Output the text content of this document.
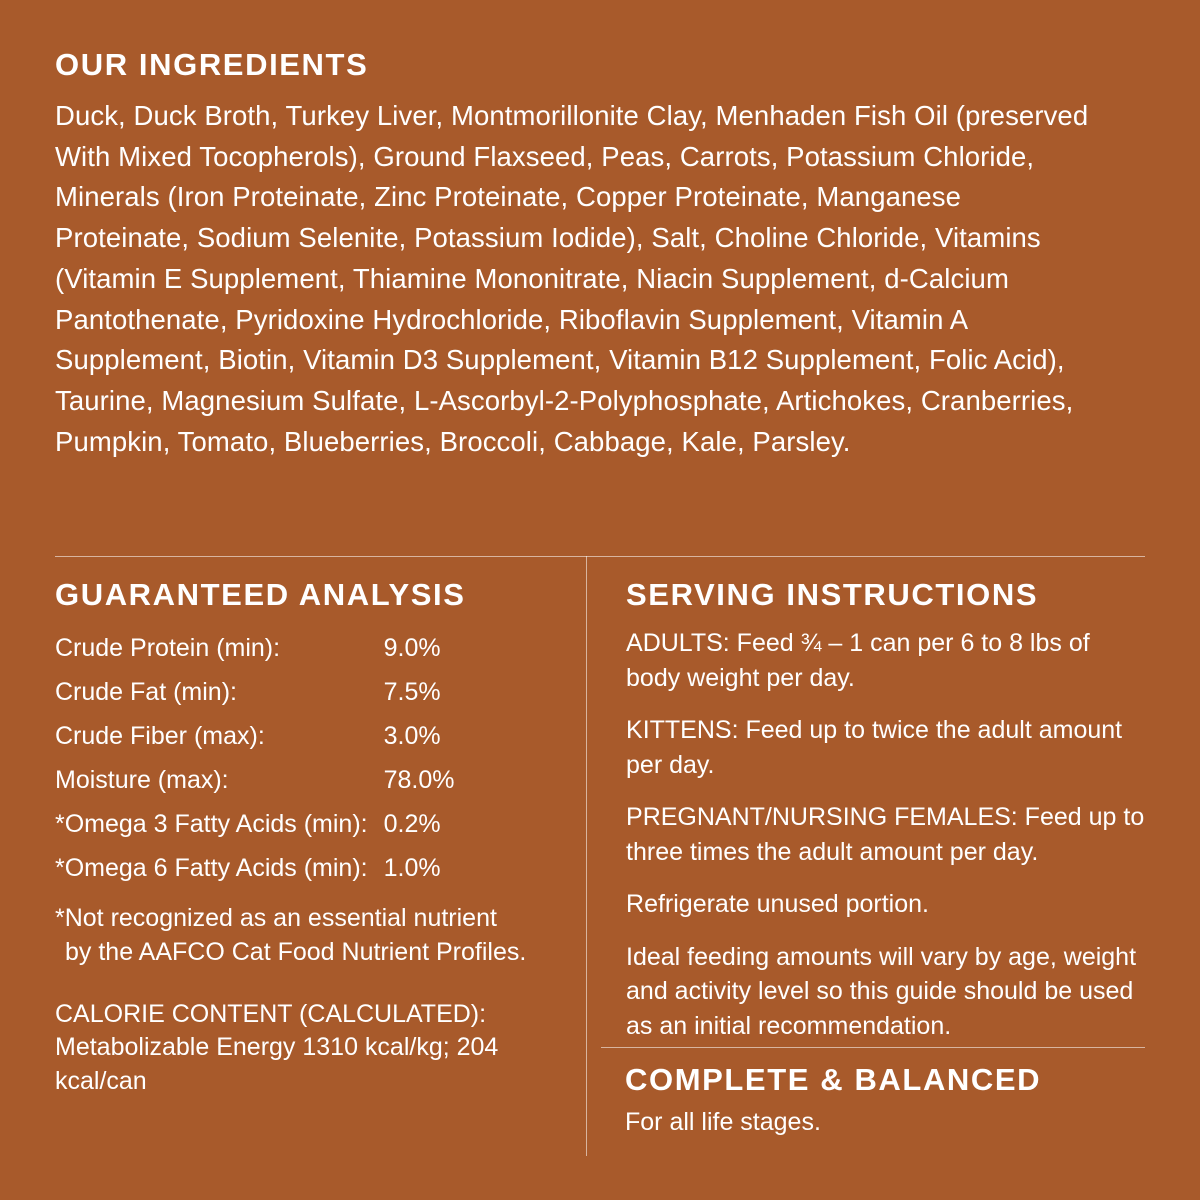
OUR INGREDIENTS

Duck, Duck Broth, Turkey Liver, Montmorillonite Clay, Menhaden Fish Oil (preserved With Mixed Tocopherols), Ground Flaxseed, Peas, Carrots, Potassium Chloride, Minerals (Iron Proteinate, Zinc Proteinate, Copper Proteinate, Manganese Proteinate, Sodium Selenite, Potassium Iodide), Salt, Choline Chloride, Vitamins (Vitamin E Supplement, Thiamine Mononitrate, Niacin Supplement, d-Calcium Pantothenate, Pyridoxine Hydrochloride, Riboflavin Supplement, Vitamin A Supplement, Biotin, Vitamin D3 Supplement, Vitamin B12 Supplement, Folic Acid), Taurine, Magnesium Sulfate, L-Ascorbyl-2-Polyphosphate, Artichokes, Cranberries, Pumpkin, Tomato, Blueberries, Broccoli, Cabbage, Kale, Parsley.

GUARANTEED ANALYSIS
Crude Protein (min):	9.0%
Crude Fat (min):	7.5%
Crude Fiber (max):	3.0%
Moisture (max):	78.0%
*Omega 3 Fatty Acids (min):	0.2%
*Omega 6 Fatty Acids (min):	1.0%

*Not recognized as an essential nutrient
by the AAFCO Cat Food Nutrient Profiles.

CALORIE CONTENT (CALCULATED):
Metabolizable Energy 1310 kcal/kg; 204 kcal/can

SERVING INSTRUCTIONS

ADULTS: Feed ¾ – 1 can per 6 to 8 lbs of body weight per day.

KITTENS: Feed up to twice the adult amount per day.

PREGNANT/NURSING FEMALES: Feed up to three times the adult amount per day.

Refrigerate unused portion.

Ideal feeding amounts will vary by age, weight and activity level so this guide should be used as an initial recommendation.

COMPLETE & BALANCED

For all life stages.
